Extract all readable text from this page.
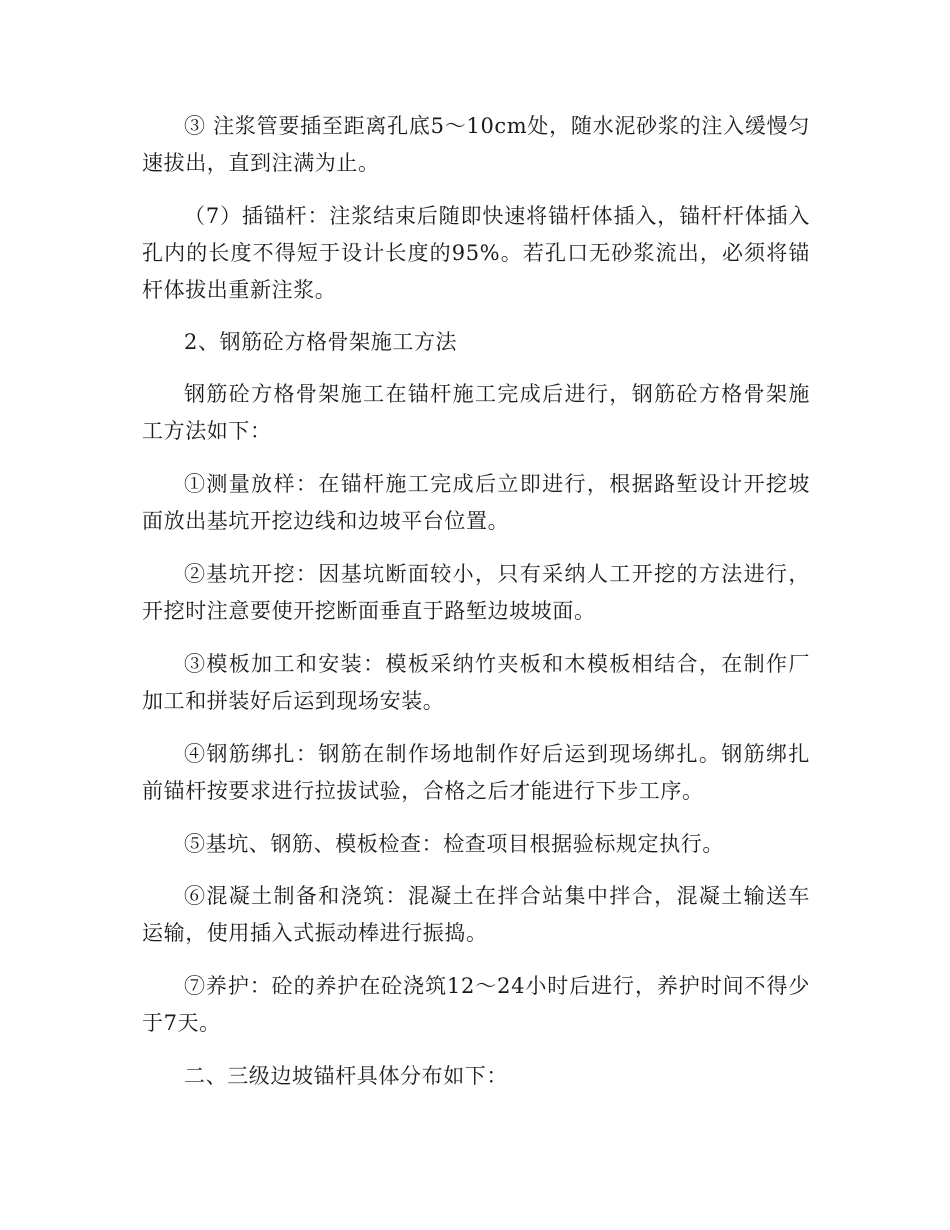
③ 注浆管要插至距离孔底5～10cm处，随水泥砂浆的注入缓慢匀速拔出，直到注满为止。

（7）插锚杆：注浆结束后随即快速将锚杆体插入，锚杆杆体插入孔内的长度不得短于设计长度的95%。若孔口无砂浆流出，必须将锚杆体拔出重新注浆。

2、钢筋砼方格骨架施工方法

钢筋砼方格骨架施工在锚杆施工完成后进行，钢筋砼方格骨架施工方法如下：

①测量放样：在锚杆施工完成后立即进行，根据路堑设计开挖坡面放出基坑开挖边线和边坡平台位置。

②基坑开挖：因基坑断面较小，只有采纳人工开挖的方法进行，开挖时注意要使开挖断面垂直于路堑边坡坡面。

③模板加工和安装：模板采纳竹夹板和木模板相结合，在制作厂加工和拼装好后运到现场安装。

④钢筋绑扎：钢筋在制作场地制作好后运到现场绑扎。钢筋绑扎前锚杆按要求进行拉拔试验，合格之后才能进行下步工序。

⑤基坑、钢筋、模板检查：检查项目根据验标规定执行。

⑥混凝土制备和浇筑：混凝土在拌合站集中拌合，混凝土输送车运输，使用插入式振动棒进行振捣。

⑦养护：砼的养护在砼浇筑12～24小时后进行，养护时间不得少于7天。

二、三级边坡锚杆具体分布如下：
